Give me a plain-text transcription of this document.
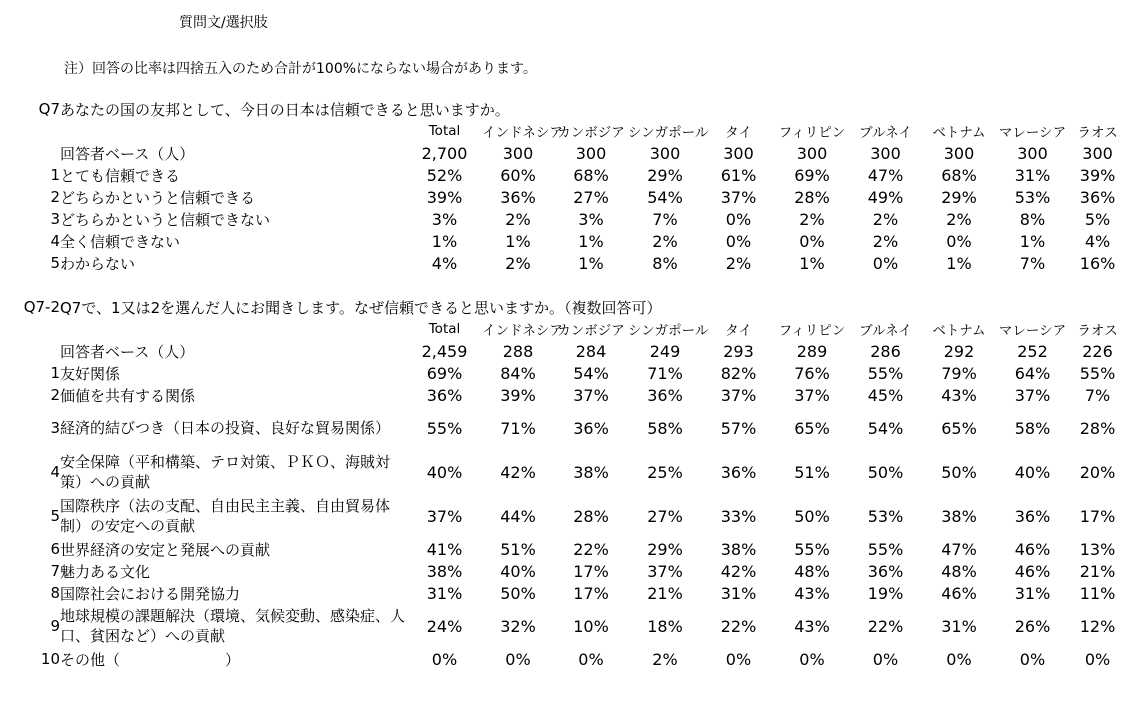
質問文/選択肢
注）回答の比率は四捨五入のため合計が100%にならない場合があります。
Q7	あなたの国の友邦として、今日の日本は信頼できると思いますか。										
		Total	インドネシア	カンボジア	シンガポール	タイ	フィリピン	ブルネイ	ベトナム	マレーシア	ラオス
	回答者ベース（人）	2,700	300	300	300	300	300	300	300	300	300
1	とても信頼できる	52%	60%	68%	29%	61%	69%	47%	68%	31%	39%
2	どちらかというと信頼できる	39%	36%	27%	54%	37%	28%	49%	29%	53%	36%
3	どちらかというと信頼できない	3%	2%	3%	7%	0%	2%	2%	2%	8%	5%
4	全く信頼できない	1%	1%	1%	2%	0%	0%	2%	0%	1%	4%
5	わからない	4%	2%	1%	8%	2%	1%	0%	1%	7%	16%
Q7-2	Q7で、1又は2を選んだ人にお聞きします。なぜ信頼できると思いますか。（複数回答可）										
		Total	インドネシア	カンボジア	シンガポール	タイ	フィリピン	ブルネイ	ベトナム	マレーシア	ラオス
	回答者ベース（人）	2,459	288	284	249	293	289	286	292	252	226
1	友好関係	69%	84%	54%	71%	82%	76%	55%	79%	64%	55%
2	価値を共有する関係	36%	39%	37%	36%	37%	37%	45%	43%	37%	7%
3	経済的結びつき（日本の投資、良好な貿易関係）	55%	71%	36%	58%	57%	65%	54%	65%	58%	28%
4	安全保障（平和構築、テロ対策、ＰＫＯ、海賊対策）への貢献	40%	42%	38%	25%	36%	51%	50%	50%	40%	20%
5	国際秩序（法の支配、自由民主主義、自由貿易体制）の安定への貢献	37%	44%	28%	27%	33%	50%	53%	38%	36%	17%
6	世界経済の安定と発展への貢献	41%	51%	22%	29%	38%	55%	55%	47%	46%	13%
7	魅力ある文化	38%	40%	17%	37%	42%	48%	36%	48%	46%	21%
8	国際社会における開発協力	31%	50%	17%	21%	31%	43%	19%	46%	31%	11%
9	地球規模の課題解決（環境、気候変動、感染症、人口、貧困など）への貢献	24%	32%	10%	18%	22%	43%	22%	31%	26%	12%
10	その他（　　　　　　　）	0%	0%	0%	2%	0%	0%	0%	0%	0%	0%
